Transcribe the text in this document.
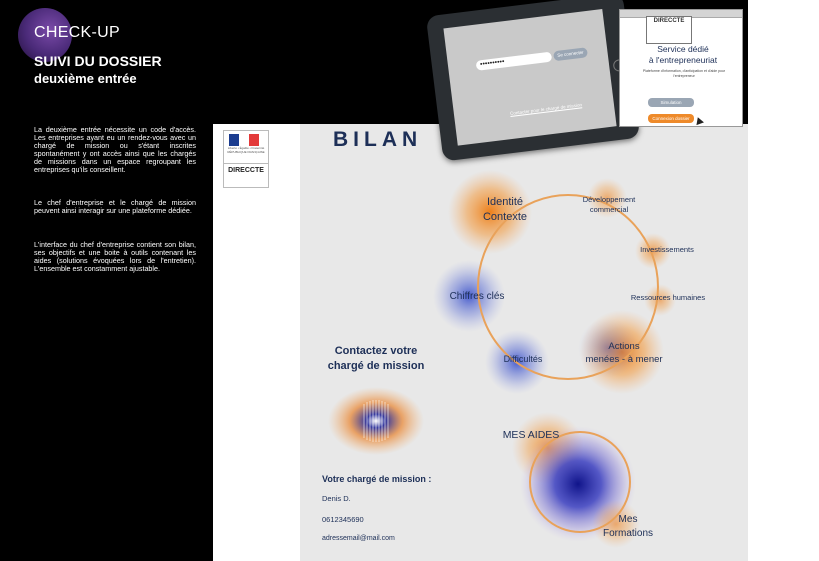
CHECK-UP
SUIVI DU DOSSIER
deuxième entrée
La deuxième entrée nécessite un code d'accès. Les entreprises ayant eu un rendez-vous avec un chargé de mission ou s'étant inscrites spontanément y ont accès ainsi que les chargés de missions dans un espace regroupant les entreprises qu'ils conseillent.
Le chef d'entreprise et le chargé de mission peuvent ainsi interagir sur une plateforme dédiée.
L'interface du chef d'entreprise contient son bilan, ses objectifs et une boite à outils contenant les aides (solutions évoquées lors de l'entretien). L'ensemble est constamment ajustable.
Liberté • Égalité • Fraternité RÉPUBLIQUE FRANÇAISE
DIRECCTE
BILAN
Identité
Contexte
Développement
commercial
Investissements
Ressources humaines
Chiffres clés
Actions
menées - à mener
Difficultés
Contactez votre
chargé de mission
Votre chargé de mission :
Denis D.
0612345690
adressemail@mail.com
MES AIDES
Mes
Formations
••••••••••
Se connecter
Contacter pour le chargé de mission
DIRECCTE
Service dédié
à l'entrepreneuriat
Plateforme d'information, d'anticipation et d'aide pour l'entrepreneur
Simulation
Connexion dossier
